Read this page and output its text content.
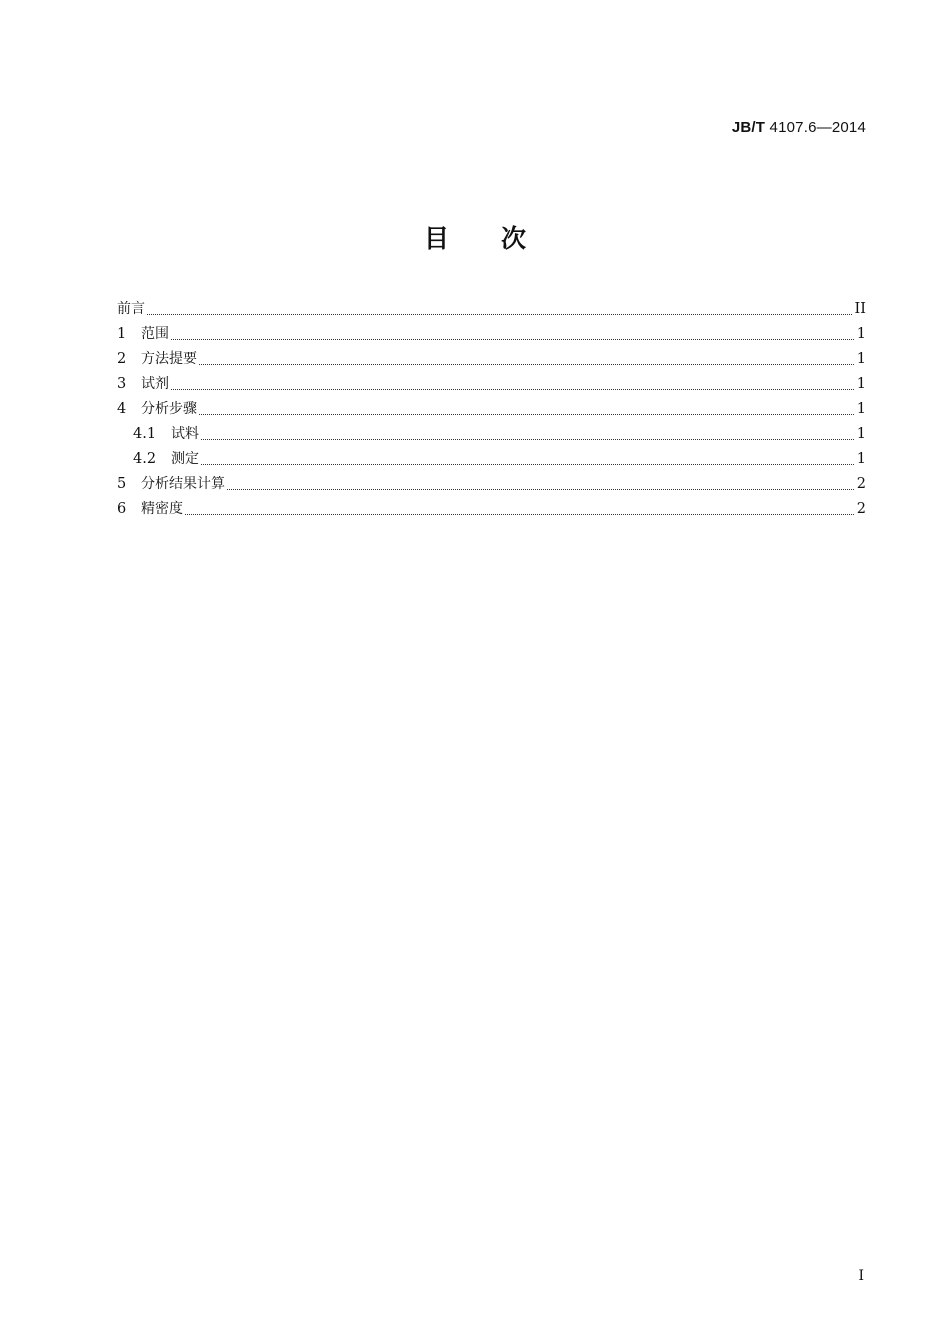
JB/T 4107.6—2014
目次
前言	II
1	范围	1
2	方法提要	1
3	试剂	1
4	分析步骤	1
4.1	试料	1
4.2	测定	1
5	分析结果计算	2
6	精密度	2
I
